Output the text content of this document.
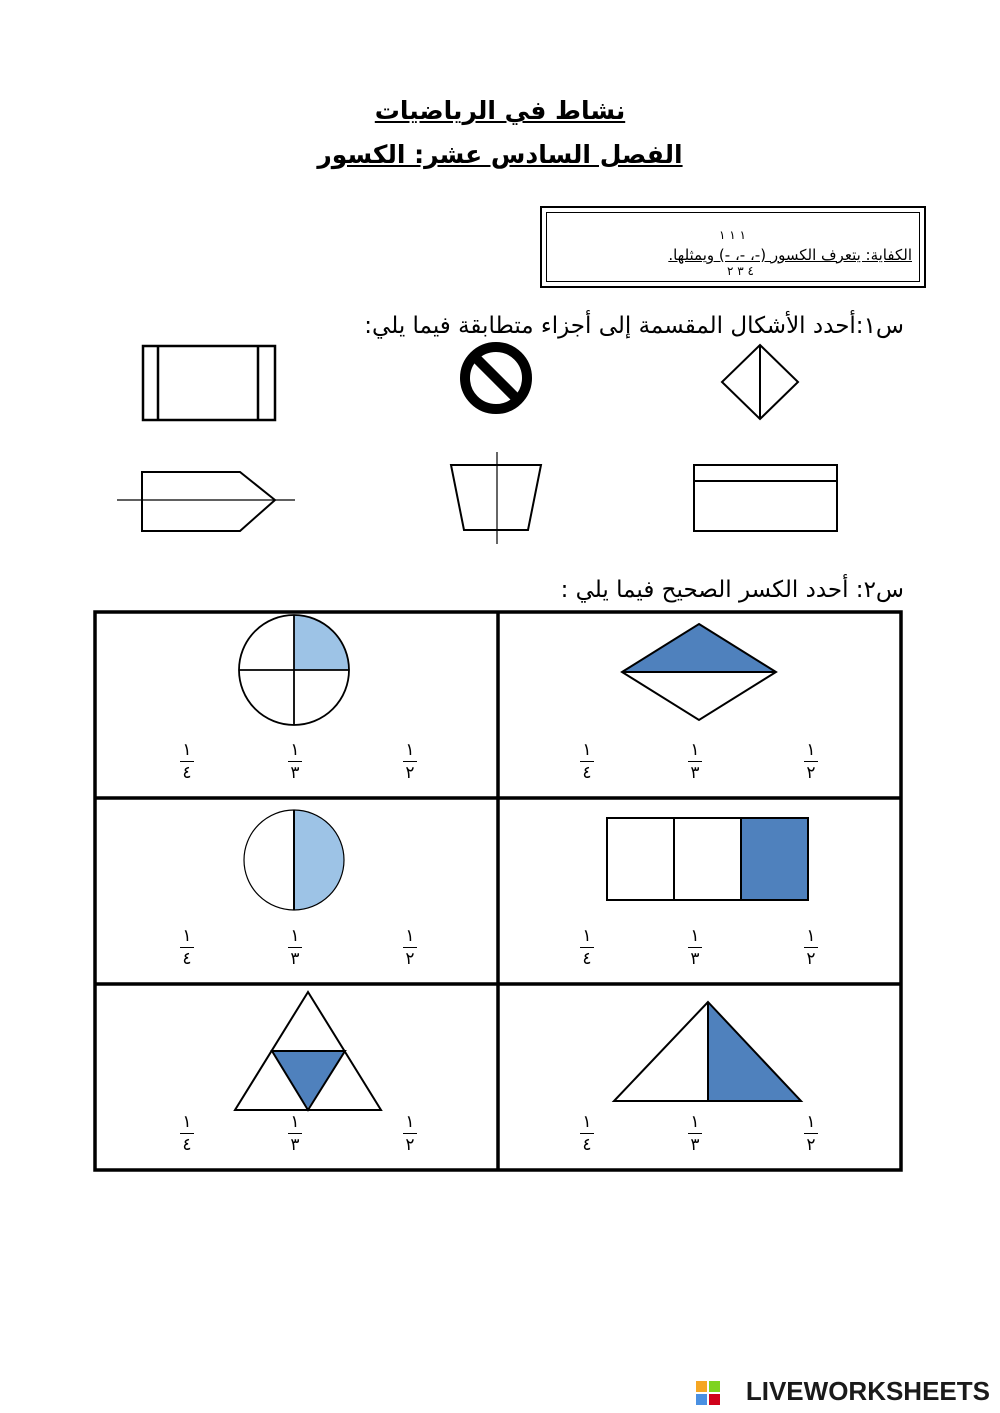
نشاط في الرياضيات
الفصل السادس عشر: الكسور
١ ١ ١
الكفاية: يتعرف الكسور (-، -، -) ويمثلها.
٤ ٣ ٢
س١:أحدد الأشكال المقسمة إلى أجزاء متطابقة فيما يلي:
س٢: أحدد الكسر الصحيح فيما يلي :
١
٤
١
٣
١
٢
١
٤
١
٣
١
٢
١
٤
١
٣
١
٢
١
٤
١
٣
١
٢
١
٤
١
٣
١
٢
١
٤
١
٣
١
٢
LIVEWORKSHEETS
